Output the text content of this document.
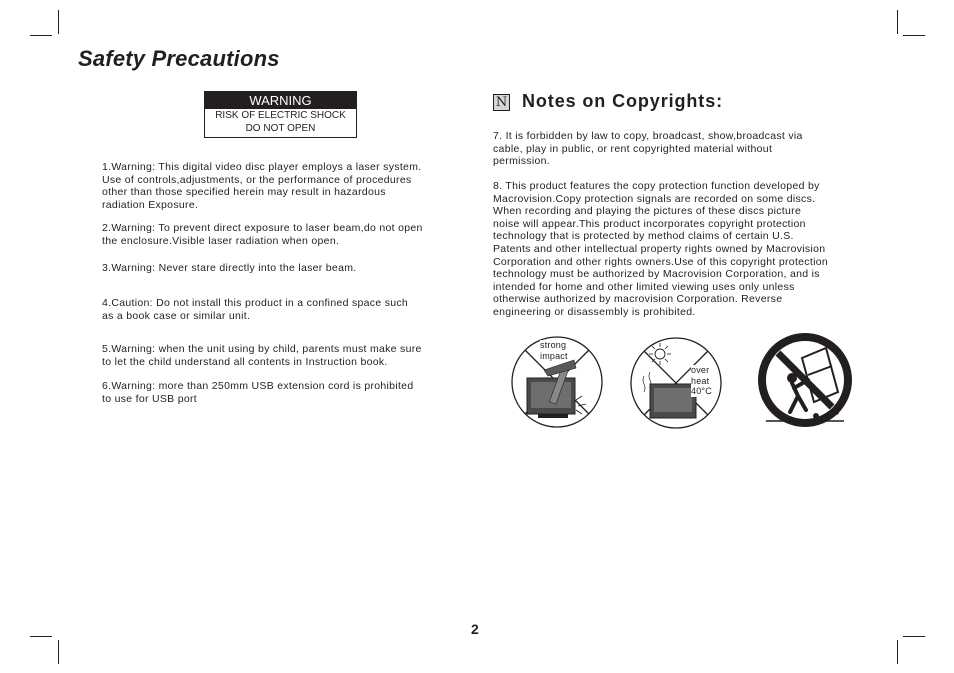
Safety Precautions
WARNING
RISK OF ELECTRIC SHOCK
DO NOT OPEN

1.Warning: This digital video disc player employs a laser system.
Use of controls,adjustments, or the performance of procedures
other than those specified herein may result in hazardous
radiation Exposure.

2.Warning: To prevent direct exposure to laser beam,do not open
the enclosure.Visible laser radiation when open.

3.Warning: Never stare directly into the laser beam.

4.Caution: Do not install this product in a confined space such
as a book case or similar unit.

5.Warning: when the unit using by child, parents must make sure
to let the child understand all contents in Instruction book.

6.Warning: more than 250mm USB extension cord is prohibited
to use for USB port

N Notes on Copyrights:

7. It is forbidden by law to copy, broadcast, show,broadcast via
cable, play in public, or rent copyrighted material without
permission.

8. This product features the copy protection function developed by
Macrovision.Copy protection signals are recorded on some discs.
When recording and playing the pictures of these discs picture
noise will appear.This product incorporates copyright protection
technology that is protected by method claims of certain U.S.
Patents and other intellectual property rights owned by Macrovision
Corporation and other rights owners.Use of this copyright protection
technology must be authorized by Macrovision Corporation, and is
intended for home and other limited viewing uses only unless
otherwise authorized by macrovision Corporation. Reverse
engineering or disassembly is prohibited.

strong
impact
over
heat
40°C
2
